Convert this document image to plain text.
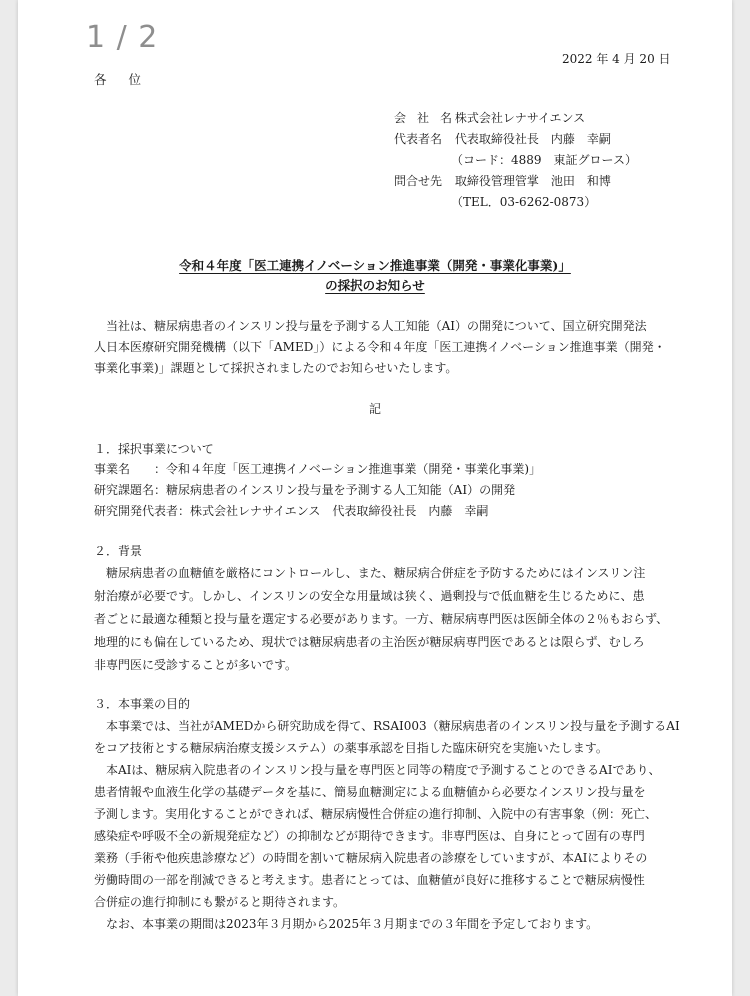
1 / 2
2022 年 4 月 20 日
各 位
会 社 名 株式会社レナサイエンス
代表者名 代表取締役社長　内藤　幸嗣
（コード：4889　東証グロース）
問合せ先 取締役管理管掌　池田　和博
（TEL．03-6262-0873）
令和４年度「医工連携イノベーション推進事業（開発・事業化事業)」
の採択のお知らせ
当社は、糖尿病患者のインスリン投与量を予測する人工知能（AI）の開発について、国立研究開発法
人日本医療研究開発機構（以下「AMED」）による令和４年度「医工連携イノベーション推進事業（開発・
事業化事業)」課題として採択されましたのでお知らせいたします。
記
１．採択事業について
事業名　　：令和４年度「医工連携イノベーション推進事業（開発・事業化事業)」
研究課題名：糖尿病患者のインスリン投与量を予測する人工知能（AI）の開発
研究開発代表者：株式会社レナサイエンス　代表取締役社長　内藤　幸嗣
２．背景
糖尿病患者の血糖値を厳格にコントロールし、また、糖尿病合併症を予防するためにはインスリン注
射治療が必要です。しかし、インスリンの安全な用量域は狭く、過剰投与で低血糖を生じるために、患
者ごとに最適な種類と投与量を選定する必要があります。一方、糖尿病専門医は医師全体の２％もおらず、
地理的にも偏在しているため、現状では糖尿病患者の主治医が糖尿病専門医であるとは限らず、むしろ
非専門医に受診することが多いです。
３．本事業の目的
本事業では、当社がAMEDから研究助成を得て、RSAI003（糖尿病患者のインスリン投与量を予測するAI
をコア技術とする糖尿病治療支援システム）の薬事承認を目指した臨床研究を実施いたします。
本AIは、糖尿病入院患者のインスリン投与量を専門医と同等の精度で予測することのできるAIであり、
患者情報や血液生化学の基礎データを基に、簡易血糖測定による血糖値から必要なインスリン投与量を
予測します。実用化することができれば、糖尿病慢性合併症の進行抑制、入院中の有害事象（例：死亡、
感染症や呼吸不全の新規発症など）の抑制などが期待できます。非専門医は、自身にとって固有の専門
業務（手術や他疾患診療など）の時間を割いて糖尿病入院患者の診療をしていますが、本AIによりその
労働時間の一部を削減できると考えます。患者にとっては、血糖値が良好に推移することで糖尿病慢性
合併症の進行抑制にも繋がると期待されます。
なお、本事業の期間は2023年３月期から2025年３月期までの３年間を予定しております。
